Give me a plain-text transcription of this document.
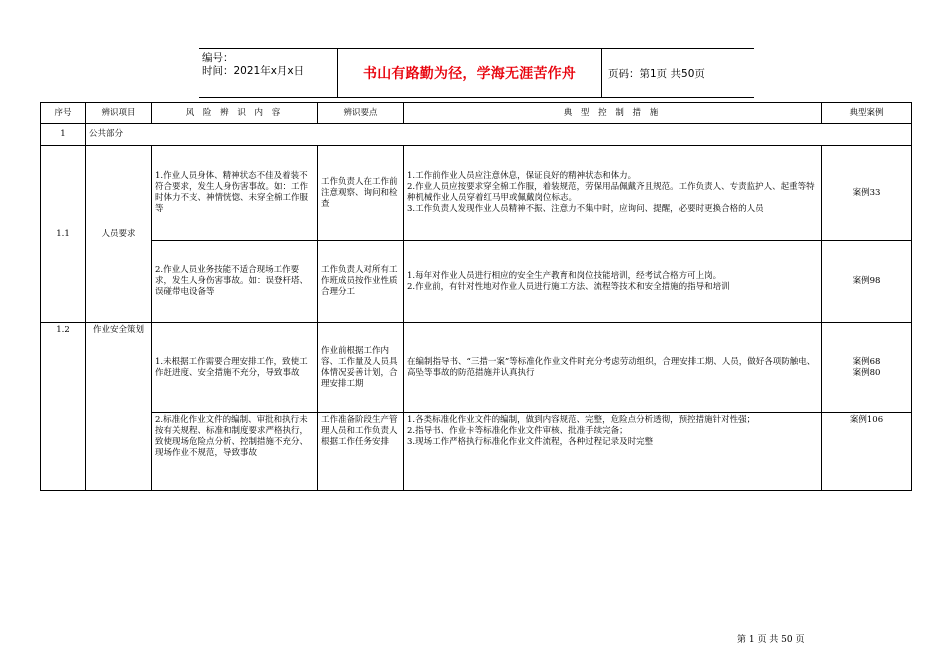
编号：
时间：2021年x月x日	书山有路勤为径，学海无涯苦作舟	页码：第1页 共50页
序号	辨识项目	风 险 辨 识 内 容	辨识要点	典 型 控 制 措 施	典型案例
1	公共部分				
1.1	人员要求	1.作业人员身体、精神状态不佳及着装不符合要求，发生人身伤害事故。如：工作时体力不支、神情恍惚、未穿全棉工作服等	工作负责人在工作前注意观察、询问和检查	1.工作前作业人员应注意休息，保证良好的精神状态和体力。
2.作业人员应按要求穿全棉工作服，着装规范，劳保用品佩戴齐且规范。工作负责人、专责监护人、起重等特种机械作业人员穿着红马甲或佩戴岗位标志。
3.工作负责人发现作业人员精神不振、注意力不集中时，应询问、提醒，必要时更换合格的人员	案例33
		2.作业人员业务技能不适合现场工作要求，发生人身伤害事故。如：误登杆塔、误碰带电设备等	工作负责人对所有工作班成员按作业性质合理分工	1.每年对作业人员进行相应的安全生产教育和岗位技能培训，经考试合格方可上岗。
2.作业前，有针对性地对作业人员进行施工方法、流程等技术和安全措施的指导和培训	案例98
1.2	作业安全策划	1.未根据工作需要合理安排工作，致使工作赶进度、安全措施不充分，导致事故	作业前根据工作内容、工作量及人员具体情况妥善计划，合理安排工期	在编制指导书、“三措一案”等标准化作业文件时充分考虑劳动组织，合理安排工期、人员，做好各项防触电、高坠等事故的防范措施并认真执行	案例68
案例80

		2.标准化作业文件的编制、审批和执行未按有关规程、标准和制度要求严格执行，致使现场危险点分析、控制措施不充分、现场作业不规范，导致事故	工作准备阶段生产管理人员和工作负责人根据工作任务安排	1.各类标准化作业文件的编制，做到内容规范、完整，危险点分析透彻，预控措施针对性强；
2.指导书、作业卡等标准化作业文件审核、批准手续完备；
3.现场工作严格执行标准化作业文件流程，各种过程记录及时完整	案例106
第 1 页 共 50 页
